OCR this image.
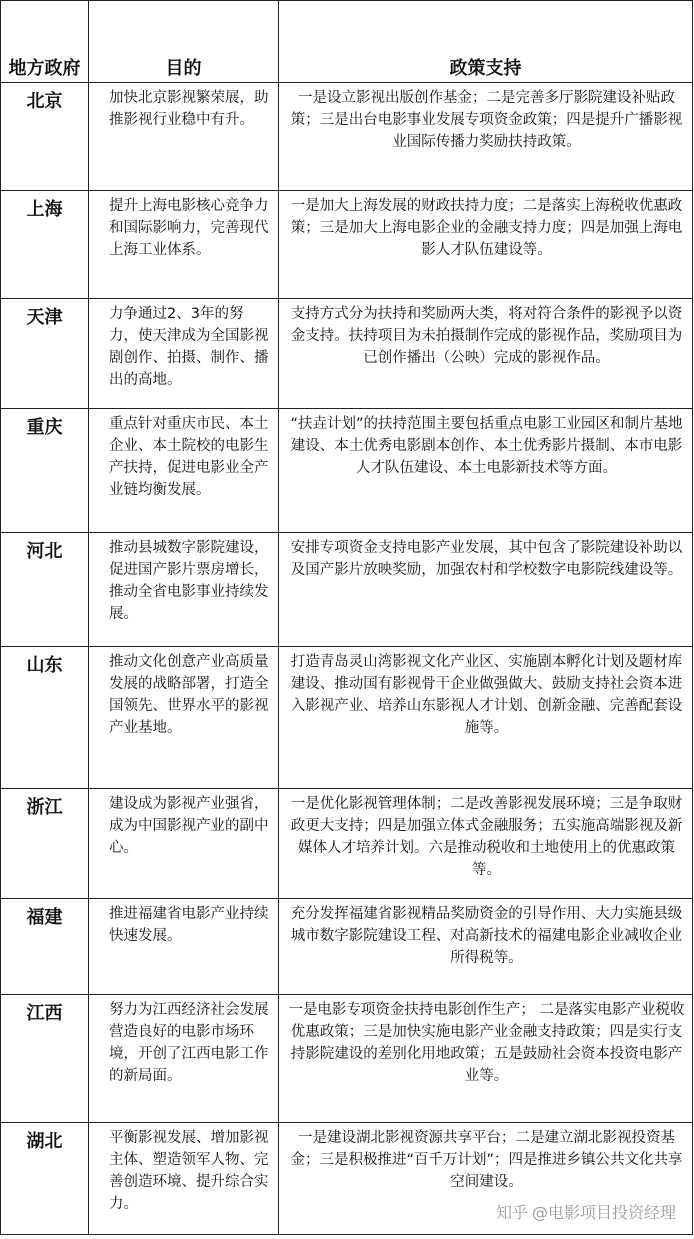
地方政府	目的	政策支持
北京	加快北京影视繁荣展，助推影视行业稳中有升。	一是设立影视出版创作基金；二是完善多厅影院建设补贴政策；三是出台电影事业发展专项资金政策；四是提升广播影视业国际传播力奖励扶持政策。
上海	提升上海电影核心竞争力和国际影响力，完善现代上海工业体系。	一是加大上海发展的财政扶持力度；二是落实上海税收优惠政策；三是加大上海电影企业的金融支持力度；四是加强上海电影人才队伍建设等。
天津	力争通过2、3年的努力，使天津成为全国影视剧创作、拍摄、制作、播出的高地。	支持方式分为扶持和奖励两大类，将对符合条件的影视予以资金支持。扶持项目为未拍摄制作完成的影视作品，奖励项目为已创作播出（公映）完成的影视作品。
重庆	重点针对重庆市民、本土企业、本土院校的电影生产扶持，促进电影业全产业链均衡发展。	“扶垚计划”的扶持范围主要包括重点电影工业园区和制片基地建设、本土优秀电影剧本创作、本土优秀影片摄制、本市电影人才队伍建设、本土电影新技术等方面。
河北	推动县城数字影院建设，促进国产影片票房增长，推动全省电影事业持续发展。	安排专项资金支持电影产业发展，其中包含了影院建设补助以及国产影片放映奖励，加强农村和学校数字电影院线建设等。
山东	推动文化创意产业高质量发展的战略部署，打造全国领先、世界水平的影视产业基地。	打造青岛灵山湾影视文化产业区、实施剧本孵化计划及题材库建设、推动国有影视骨干企业做强做大、鼓励支持社会资本进入影视产业、培养山东影视人才计划、创新金融、完善配套设施等。
浙江	建设成为影视产业强省，成为中国影视产业的副中心。	一是优化影视管理体制；二是改善影视发展环境；三是争取财政更大支持；四是加强立体式金融服务；五实施高端影视及新媒体人才培养计划。六是推动税收和土地使用上的优惠政策等。
福建	推进福建省电影产业持续快速发展。	充分发挥福建省影视精品奖励资金的引导作用、大力实施县级城市数字影院建设工程、对高新技术的福建电影企业减收企业所得税等。
江西	努力为江西经济社会发展营造良好的电影市场环境，开创了江西电影工作的新局面。	一是电影专项资金扶持电影创作生产； 二是落实电影产业税收优惠政策；三是加快实施电影产业金融支持政策；四是实行支持影院建设的差别化用地政策；五是鼓励社会资本投资电影产业等。
湖北	平衡影视发展、增加影视主体、塑造领军人物、完善创造环境、提升综合实力。	一是建设湖北影视资源共享平台；二是建立湖北影视投资基金；三是积极推进“百千万计划”；四是推进乡镇公共文化共享空间建设。
知乎 @电影项目投资经理
